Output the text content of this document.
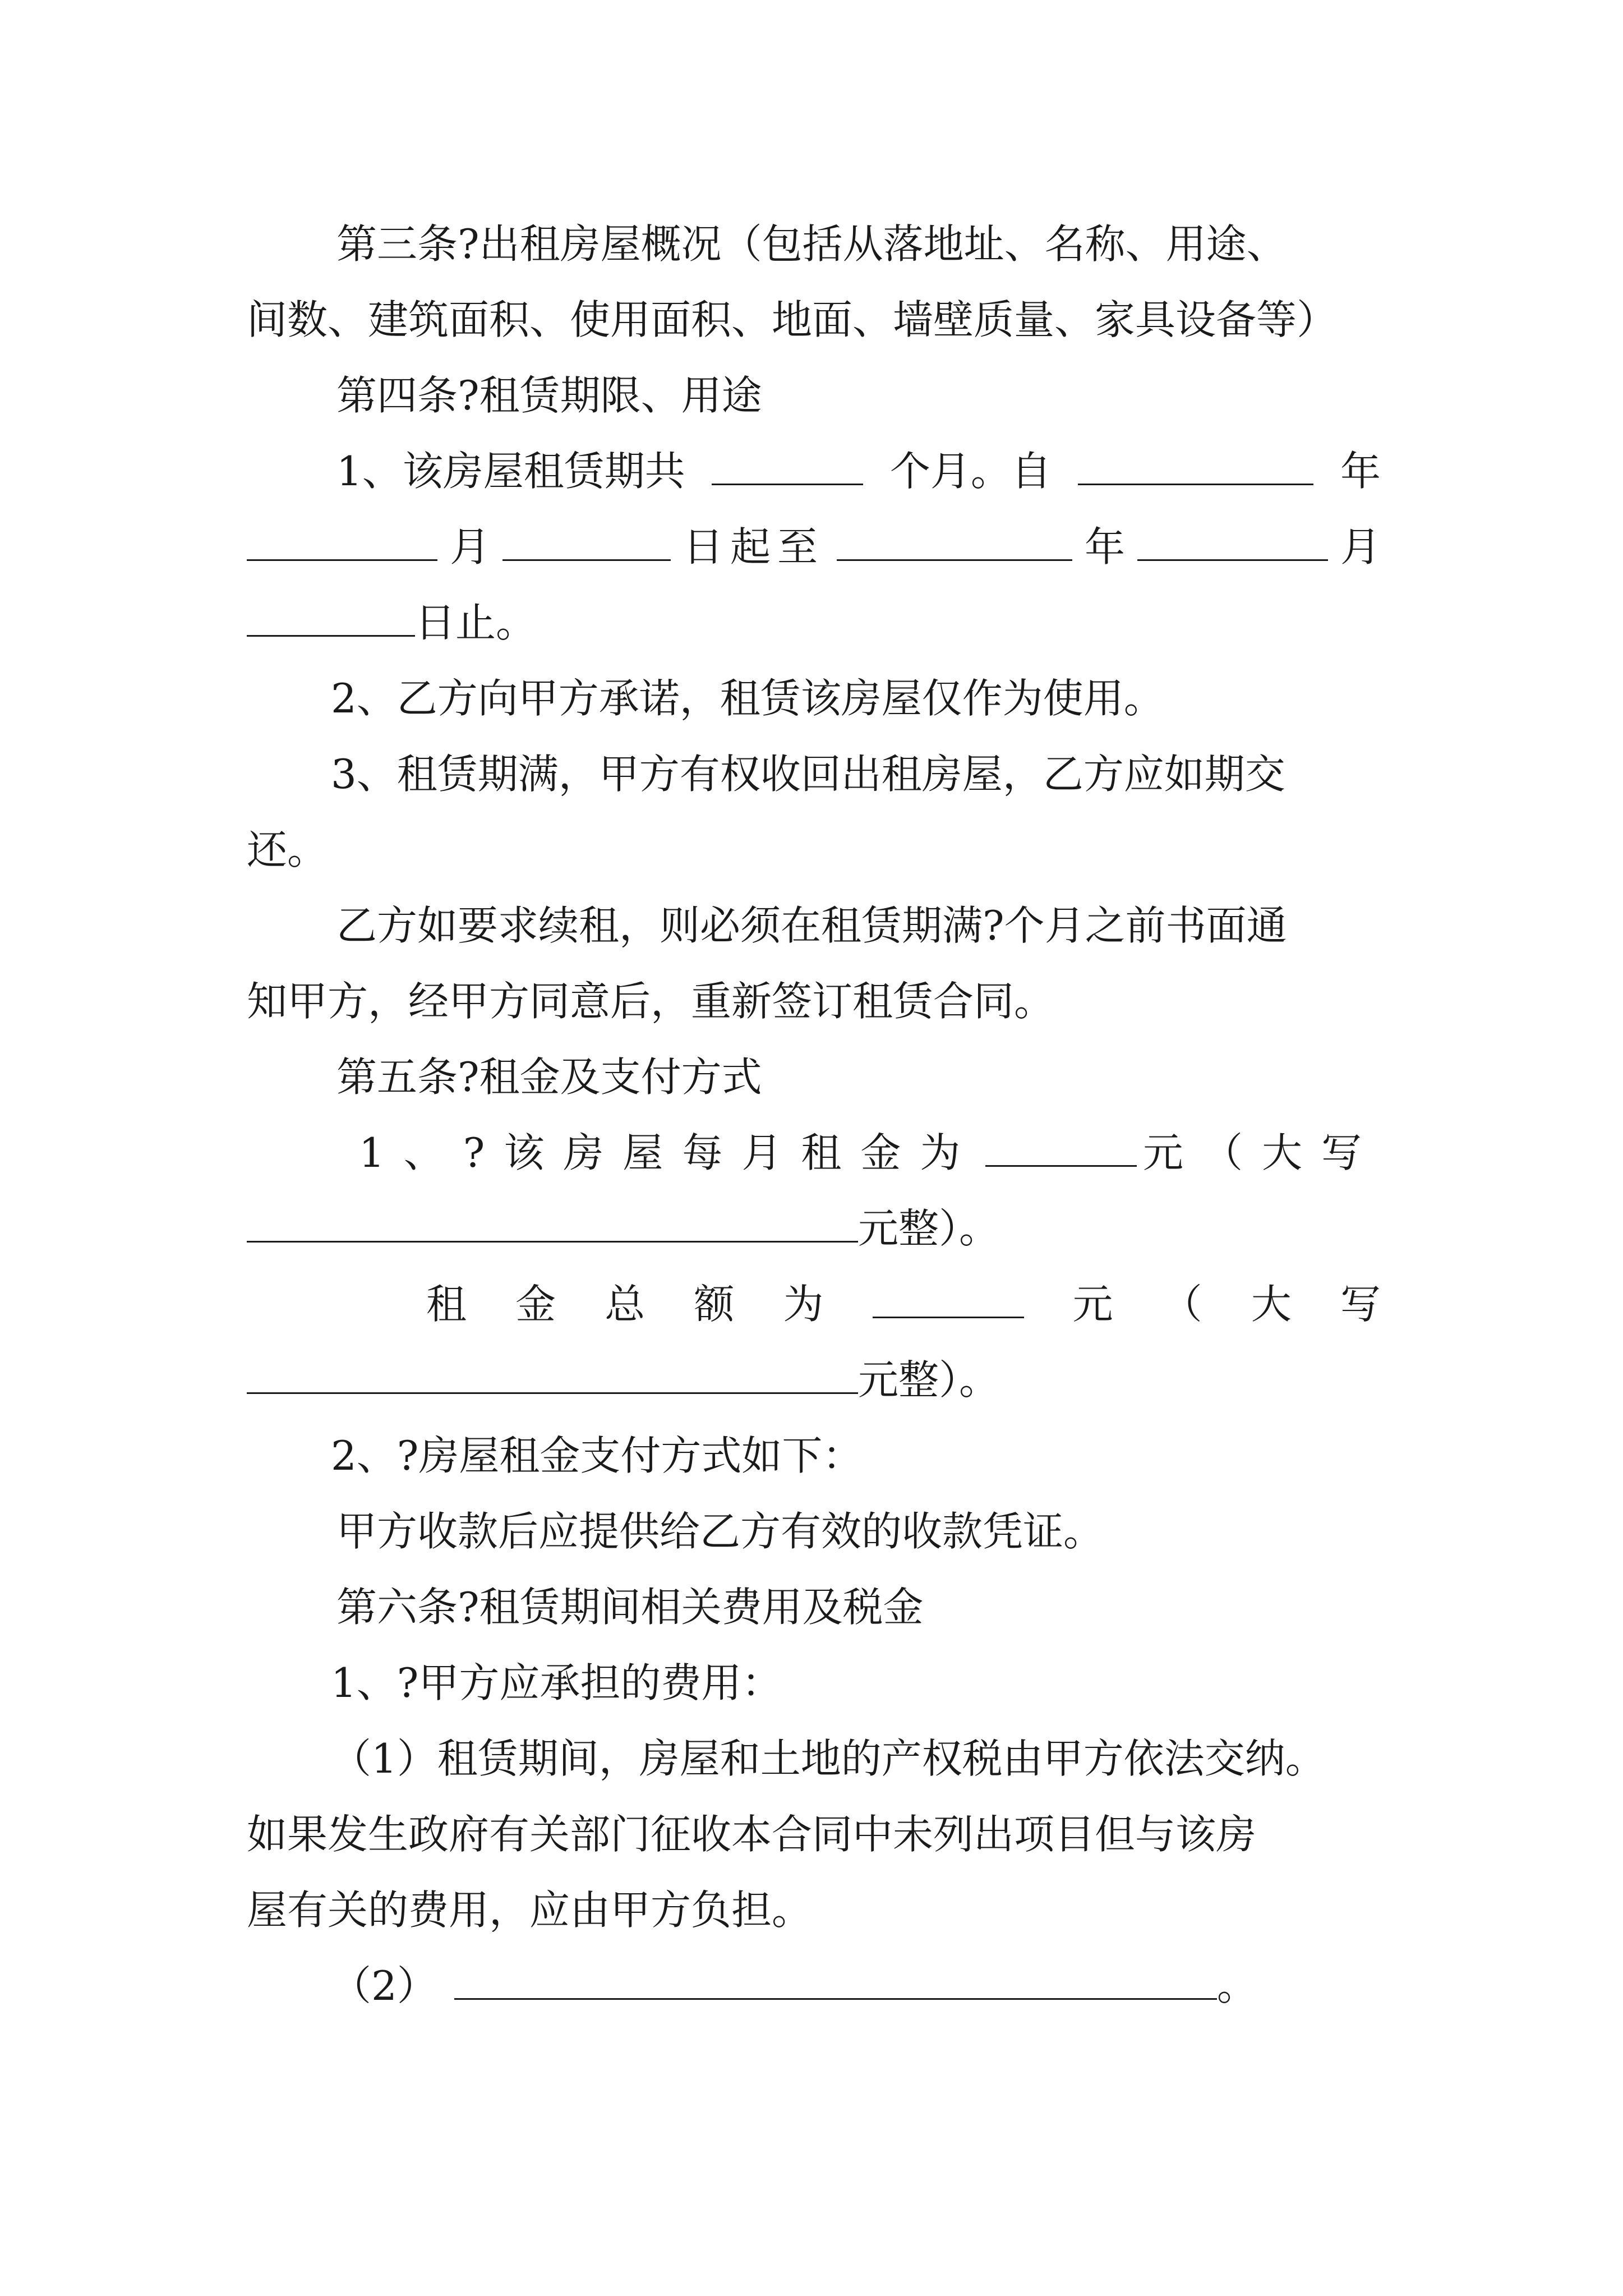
第三条?出租房屋概况（包括从落地址、名称、用途、
间数、建筑面积、使用面积、地面、墙壁质量、家具设备等）
第四条?租赁期限、用途
1、该房屋租赁期共	个月。自	年
月	日起至	年	月
日止。
2、乙方向甲方承诺，租赁该房屋仅作为使用。
3、租赁期满，甲方有权收回出租房屋，乙方应如期交
还。
乙方如要求续租，则必须在租赁期满?个月之前书面通
知甲方，经甲方同意后，重新签订租赁合同。
第五条?租金及支付方式
1、?该房屋每月租金为	元（大写
元整）。
租 金 总 额 为	元 （ 大 写
元整）。
2、?房屋租金支付方式如下：
甲方收款后应提供给乙方有效的收款凭证。
第六条?租赁期间相关费用及税金
1、?甲方应承担的费用：
（1）租赁期间，房屋和土地的产权税由甲方依法交纳。
如果发生政府有关部门征收本合同中未列出项目但与该房
屋有关的费用，应由甲方负担。
（2）	。
